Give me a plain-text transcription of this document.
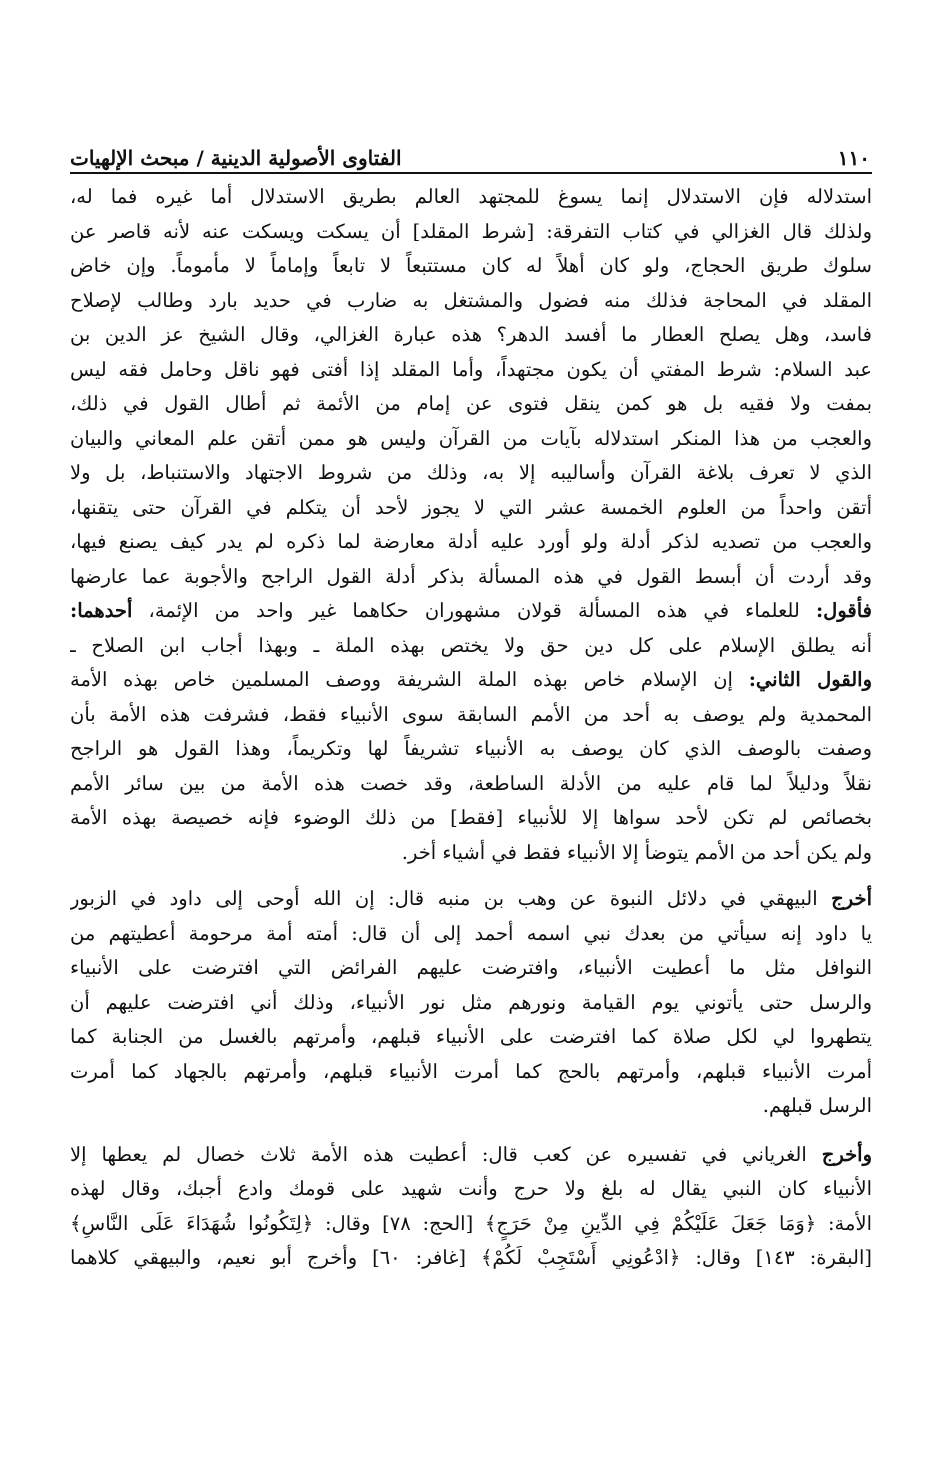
١١٠
الفتاوى الأصولية الدينية / مبحث الإلهيات
استدلاله فإن الاستدلال إنما يسوغ للمجتهد العالم بطريق الاستدلال أما غيره فما له،
ولذلك قال الغزالي في كتاب التفرقة: [شرط المقلد] أن يسكت ويسكت عنه لأنه قاصر عن
سلوك طريق الحجاج، ولو كان أهلاً له كان مستتبعاً لا تابعاً وإماماً لا مأموماً. وإن خاض
المقلد في المحاجة فذلك منه فضول والمشتغل به ضارب في حديد بارد وطالب لإصلاح
فاسد، وهل يصلح العطار ما أفسد الدهر؟ هذه عبارة الغزالي، وقال الشيخ عز الدين بن
عبد السلام: شرط المفتي أن يكون مجتهداً، وأما المقلد إذا أفتى فهو ناقل وحامل فقه ليس
بمفت ولا فقيه بل هو كمن ينقل فتوى عن إمام من الأئمة ثم أطال القول في ذلك،
والعجب من هذا المنكر استدلاله بآيات من القرآن وليس هو ممن أتقن علم المعاني والبيان
الذي لا تعرف بلاغة القرآن وأساليبه إلا به، وذلك من شروط الاجتهاد والاستنباط، بل ولا
أتقن واحداً من العلوم الخمسة عشر التي لا يجوز لأحد أن يتكلم في القرآن حتى يتقنها،
والعجب من تصديه لذكر أدلة ولو أورد عليه أدلة معارضة لما ذكره لم يدر كيف يصنع فيها،
وقد أردت أن أبسط القول في هذه المسألة بذكر أدلة القول الراجح والأجوبة عما عارضها
فأقول: للعلماء في هذه المسألة قولان مشهوران حكاهما غير واحد من الإئمة، أحدهما:
أنه يطلق الإسلام على كل دين حق ولا يختص بهذه الملة ـ وبهذا أجاب ابن الصلاح ـ
والقول الثاني: إن الإسلام خاص بهذه الملة الشريفة ووصف المسلمين خاص بهذه الأمة
المحمدية ولم يوصف به أحد من الأمم السابقة سوى الأنبياء فقط، فشرفت هذه الأمة بأن
وصفت بالوصف الذي كان يوصف به الأنبياء تشريفاً لها وتكريماً، وهذا القول هو الراجح
نقلاً ودليلاً لما قام عليه من الأدلة الساطعة، وقد خصت هذه الأمة من بين سائر الأمم
بخصائص لم تكن لأحد سواها إلا للأنبياء [فقط] من ذلك الوضوء فإنه خصيصة بهذه الأمة
ولم يكن أحد من الأمم يتوضأ إلا الأنبياء فقط في أشياء أخر.
أخرج البيهقي في دلائل النبوة عن وهب بن منبه قال: إن الله أوحى إلى داود في الزبور
يا داود إنه سيأتي من بعدك نبي اسمه أحمد إلى أن قال: أمته أمة مرحومة أعطيتهم من
النوافل مثل ما أعطيت الأنبياء، وافترضت عليهم الفرائض التي افترضت على الأنبياء
والرسل حتى يأتوني يوم القيامة ونورهم مثل نور الأنبياء، وذلك أني افترضت عليهم أن
يتطهروا لي لكل صلاة كما افترضت على الأنبياء قبلهم، وأمرتهم بالغسل من الجنابة كما
أمرت الأنبياء قبلهم، وأمرتهم بالحج كما أمرت الأنبياء قبلهم، وأمرتهم بالجهاد كما أمرت
الرسل قبلهم.
وأخرج الغرياني في تفسيره عن كعب قال: أعطيت هذه الأمة ثلاث خصال لم يعطها إلا
الأنبياء كان النبي يقال له بلغ ولا حرج وأنت شهيد على قومك وادع أجبك، وقال لهذه
الأمة: ﴿وَمَا جَعَلَ عَلَيْكُمْ فِي الدِّينِ مِنْ حَرَجٍ﴾ [الحج: ٧٨] وقال: ﴿لِتَكُونُوا شُهَدَاءَ عَلَى النَّاسِ﴾
[البقرة: ١٤٣] وقال: ﴿ادْعُونِي أَسْتَجِبْ لَكُمْ﴾ [غافر: ٦٠] وأخرج أبو نعيم، والبيهقي كلاهما
